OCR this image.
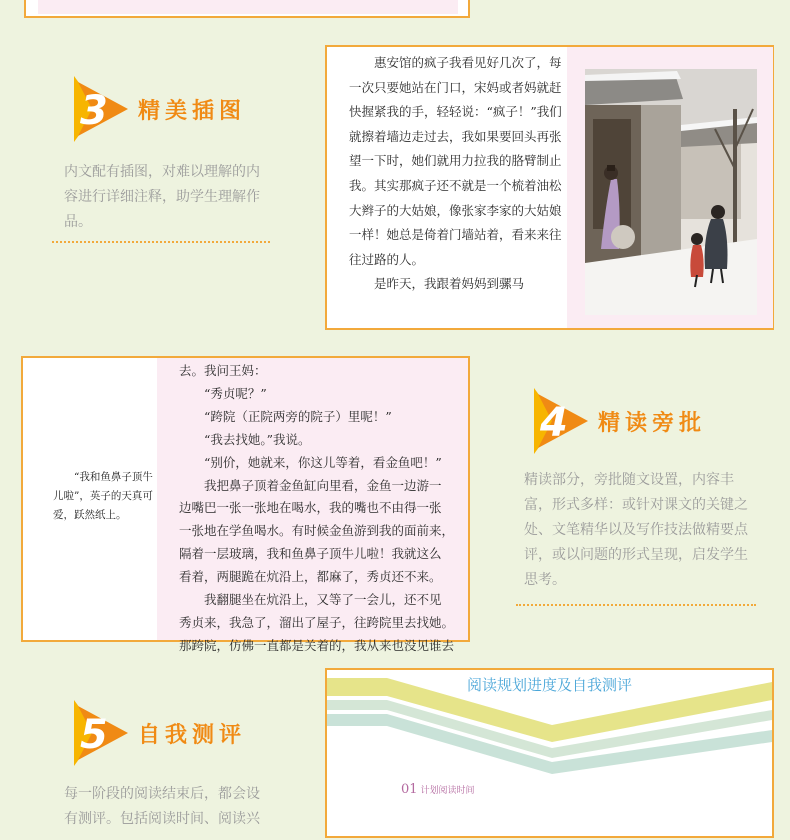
3 精美插图
内文配有插图，对难以理解的内容进行详细注释，助学生理解作品。

惠安馆的疯子我看见好几次了，每一次只要她站在门口，宋妈或者妈就赶快握紧我的手，轻轻说：“疯子！”我们就擦着墙边走过去，我如果要回头再张望一下时，她们就用力拉我的胳臂制止我。其实那疯子还不就是一个梳着油松大辫子的大姑娘，像张家李家的大姑娘一样！她总是倚着门墙站着，看来来往往过路的人。

是昨天，我跟着妈妈到骡马

“我和鱼鼻子顶牛儿啦”，英子的天真可爱，跃然纸上。

去。我问王妈：

“秀贞呢？”

“跨院（正院两旁的院子）里呢！”

“我去找她。”我说。

“别价，她就来，你这儿等着，看金鱼吧！”

我把鼻子顶着金鱼缸向里看，金鱼一边游一

边嘴巴一张一张地在喝水，我的嘴也不由得一张

一张地在学鱼喝水。有时候金鱼游到我的面前来，

隔着一层玻璃，我和鱼鼻子顶牛儿啦！我就这么

看着，两腿跪在炕沿上，都麻了，秀贞还不来。

我翻腿坐在炕沿上，又等了一会儿，还不见

秀贞来，我急了，溜出了屋子，往跨院里去找她。

那跨院，仿佛一直都是关着的，我从来也没见谁去

4 精读旁批
精读部分，旁批随文设置，内容丰富，形式多样：或针对课文的关键之处、文笔精华以及写作技法做精要点评，或以问题的形式呈现，启发学生思考。
5 自我测评
每一阶段的阅读结束后，都会设有测评。包括阅读时间、阅读兴
阅读规划进度及自我测评
01 计划阅读时间
